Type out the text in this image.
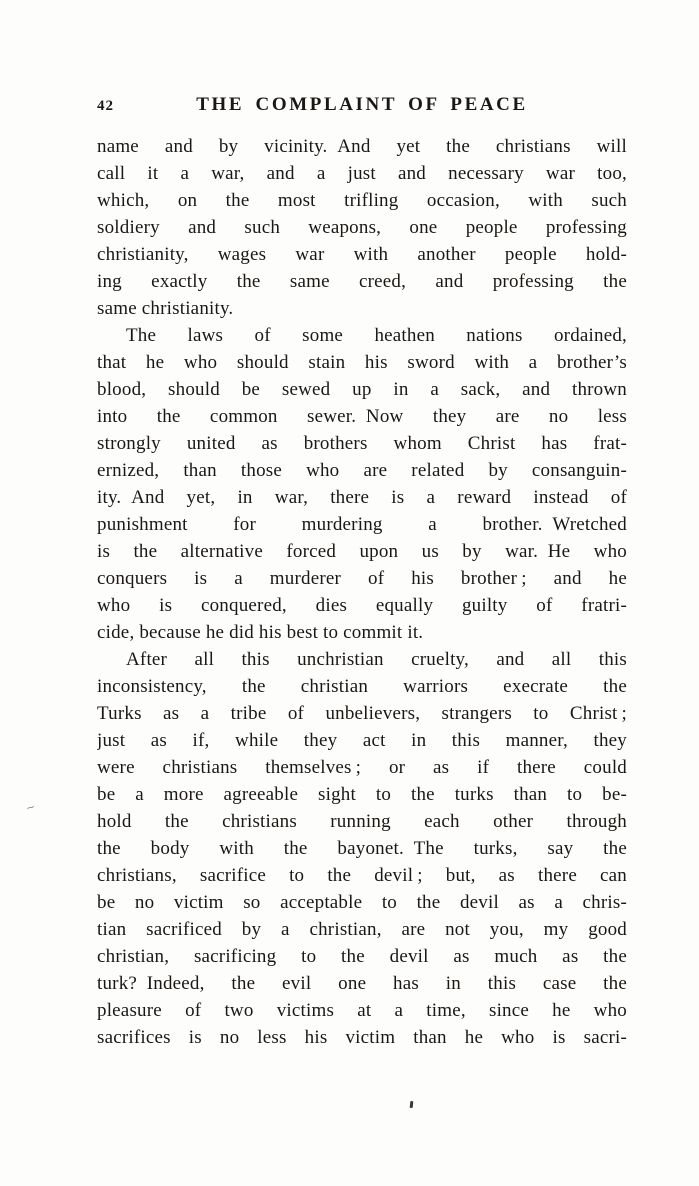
42	THE COMPLAINT OF PEACE
name and by vicinity. And yet the christians will
call it a war, and a just and necessary war too,
which, on the most trifling occasion, with such
soldiery and such weapons, one people professing
christianity, wages war with another people hold-
ing exactly the same creed, and professing the
same christianity.
The laws of some heathen nations ordained,
that he who should stain his sword with a brother’s
blood, should be sewed up in a sack, and thrown
into the common sewer. Now they are no less
strongly united as brothers whom Christ has frat-
ernized, than those who are related by consanguin-
ity. And yet, in war, there is a reward instead of
punishment for murdering a brother. Wretched
is the alternative forced upon us by war. He who
conquers is a murderer of his brother ; and he
who is conquered, dies equally guilty of fratri-
cide, because he did his best to commit it.
After all this unchristian cruelty, and all this
inconsistency, the christian warriors execrate the
Turks as a tribe of unbelievers, strangers to Christ ;
just as if, while they act in this manner, they
were christians themselves ; or as if there could
be a more agreeable sight to the turks than to be-
hold the christians running each other through
the body with the bayonet. The turks, say the
christians, sacrifice to the devil ; but, as there can
be no victim so acceptable to the devil as a chris-
tian sacrificed by a christian, are not you, my good
christian, sacrificing to the devil as much as the
turk? Indeed, the evil one has in this case the
pleasure of two victims at a time, since he who
sacrifices is no less his victim than he who is sacri-
~
